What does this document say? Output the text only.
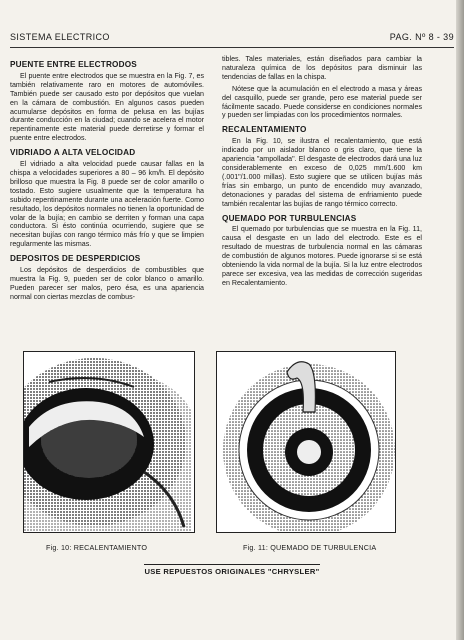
SISTEMA ELECTRICO	PAG. Nº 8 - 39
PUENTE ENTRE ELECTRODOS

El puente entre electrodos que se muestra en la Fig. 7, es también relativamente raro en motores de automóviles. También puede ser causado esto por depósitos que vuelan en la cámara de combustión. En algunos casos pueden acumularse depósitos en forma de pelusa en las bujías durante conducción en la ciudad; cuando se acelera el motor repentinamente este material puede derretirse y formar el puente entre electrodos.

VIDRIADO A ALTA VELOCIDAD

El vidriado a alta velocidad puede causar fallas en la chispa a velocidades superiores a 80 – 96 km/h. El depósito brilloso que muestra la Fig. 8 puede ser de color amarillo o tostado. Esto sugiere usualmente que la temperatura ha subido repentinamente durante una aceleración fuerte. Como resultado, los depósitos normales no tienen la oportunidad de volar de la bujía; en cambio se derriten y forman una capa conductora. Si ésto continúa ocurriendo, sugiere que se necesitan bujías con rango térmico más frío y que se limpien regularmente las mismas.

DEPOSITOS DE DESPERDICIOS

Los depósitos de desperdicios de combustibles que muestra la Fig. 9, pueden ser de color blanco o amarillo. Pueden parecer ser malos, pero ésa, es una apariencia normal con ciertas mezclas de combus-

tibles. Tales materiales, están diseñados para cambiar la naturaleza química de los depósitos para disminuir las tendencias de fallas en la chispa.

Nótese que la acumulación en el electrodo a masa y áreas del casquillo, puede ser grande, pero ese material puede ser fácilmente sacado. Puede considerse en condiciones normales y pueden ser limpiadas con los procedimientos normales.

RECALENTAMIENTO

En la Fig. 10, se ilustra el recalentamiento, que está indicado por un aislador blanco o gris claro, que tiene la apariencia "ampollada". El desgaste de electrodos dará una luz considerablemente en exceso de 0,025 mm/1.600 km (.001"/1.000 millas). Esto sugiere que se utilicen bujías más frías sin embargo, un punto de encendido muy avanzado, detonaciones y paradas del sistema de enfriamiento puede también recalentar las bujías de rango térmico correcto.

QUEMADO POR TURBULENCIAS

El quemado por turbulencias que se muestra en la Fig. 11, causa el desgaste en un lado del electrodo. Este es el resultado de muestras de turbulencia normal en las cámaras de combustión de algunos motores. Puede ignorarse si se está obteniendo la vida normal de la bujía. Si la luz entre electrodos parece ser excesiva, vea las medidas de corrección sugeridas en Recalentamiento.

Fig. 10: RECALENTAMIENTO	Fig. 11: QUEMADO DE TURBULENCIA
USE REPUESTOS ORIGINALES "CHRYSLER"
